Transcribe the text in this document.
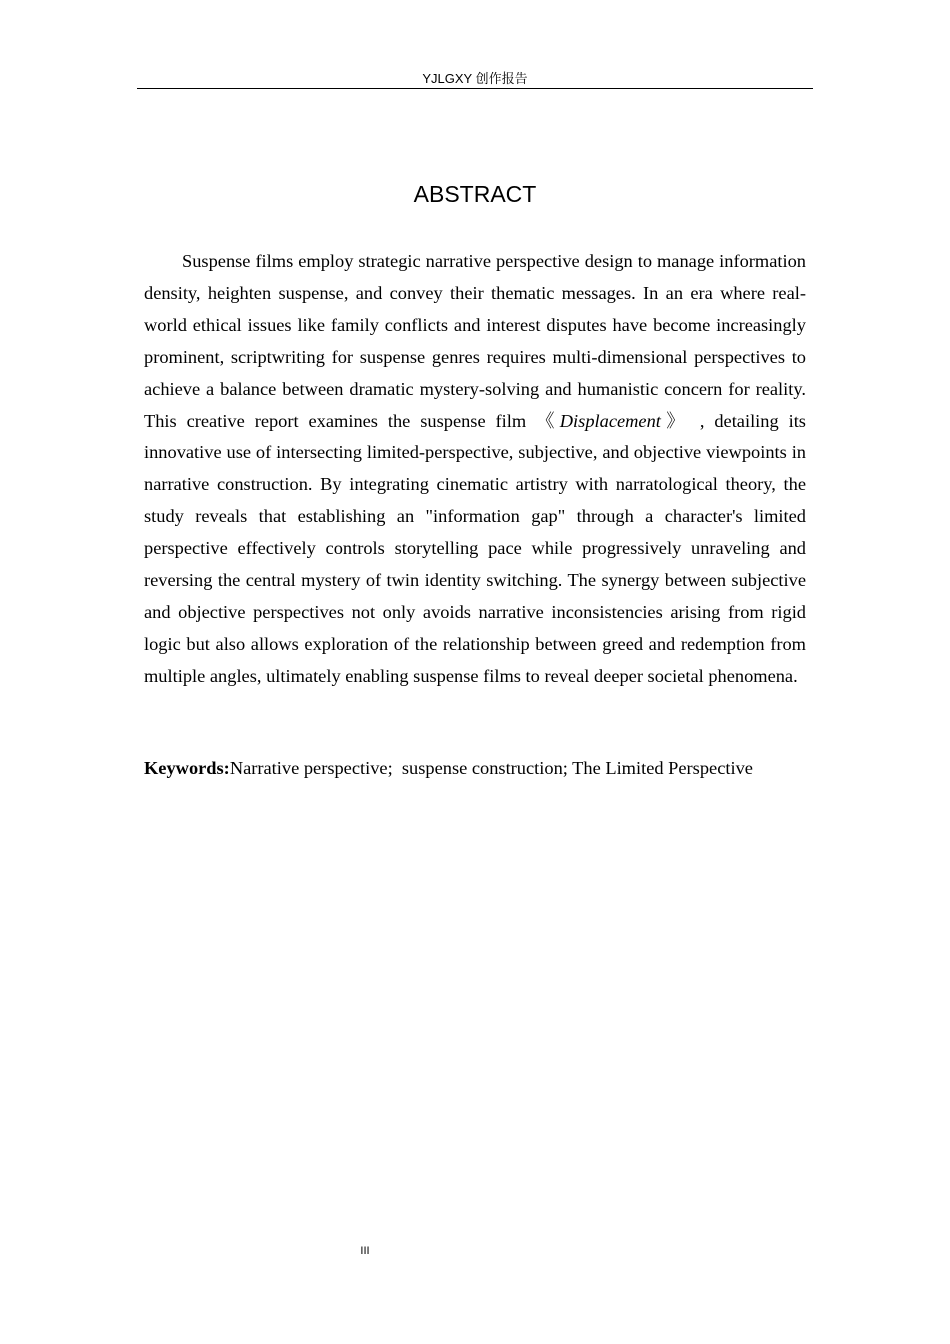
YJLGXY 创作报告
ABSTRACT

Suspense films employ strategic narrative perspective design to manage information density, heighten suspense, and convey their thematic messages. In an era where real-world ethical issues like family conflicts and interest disputes have become increasingly prominent, scriptwriting for suspense genres requires multi-dimensional perspectives to achieve a balance between dramatic mystery-solving and humanistic concern for reality. This creative report examines the suspense film 《Displacement》 , detailing its innovative use of intersecting limited-perspective, subjective, and objective viewpoints in narrative construction. By integrating cinematic artistry with narratological theory, the study reveals that establishing an "information gap" through a character's limited perspective effectively controls storytelling pace while progressively unraveling and reversing the central mystery of twin identity switching. The synergy between subjective and objective perspectives not only avoids narrative inconsistencies arising from rigid logic but also allows exploration of the relationship between greed and redemption from multiple angles, ultimately enabling suspense films to reveal deeper societal phenomena.

Keywords:Narrative perspective;  suspense construction; The Limited Perspective

III
